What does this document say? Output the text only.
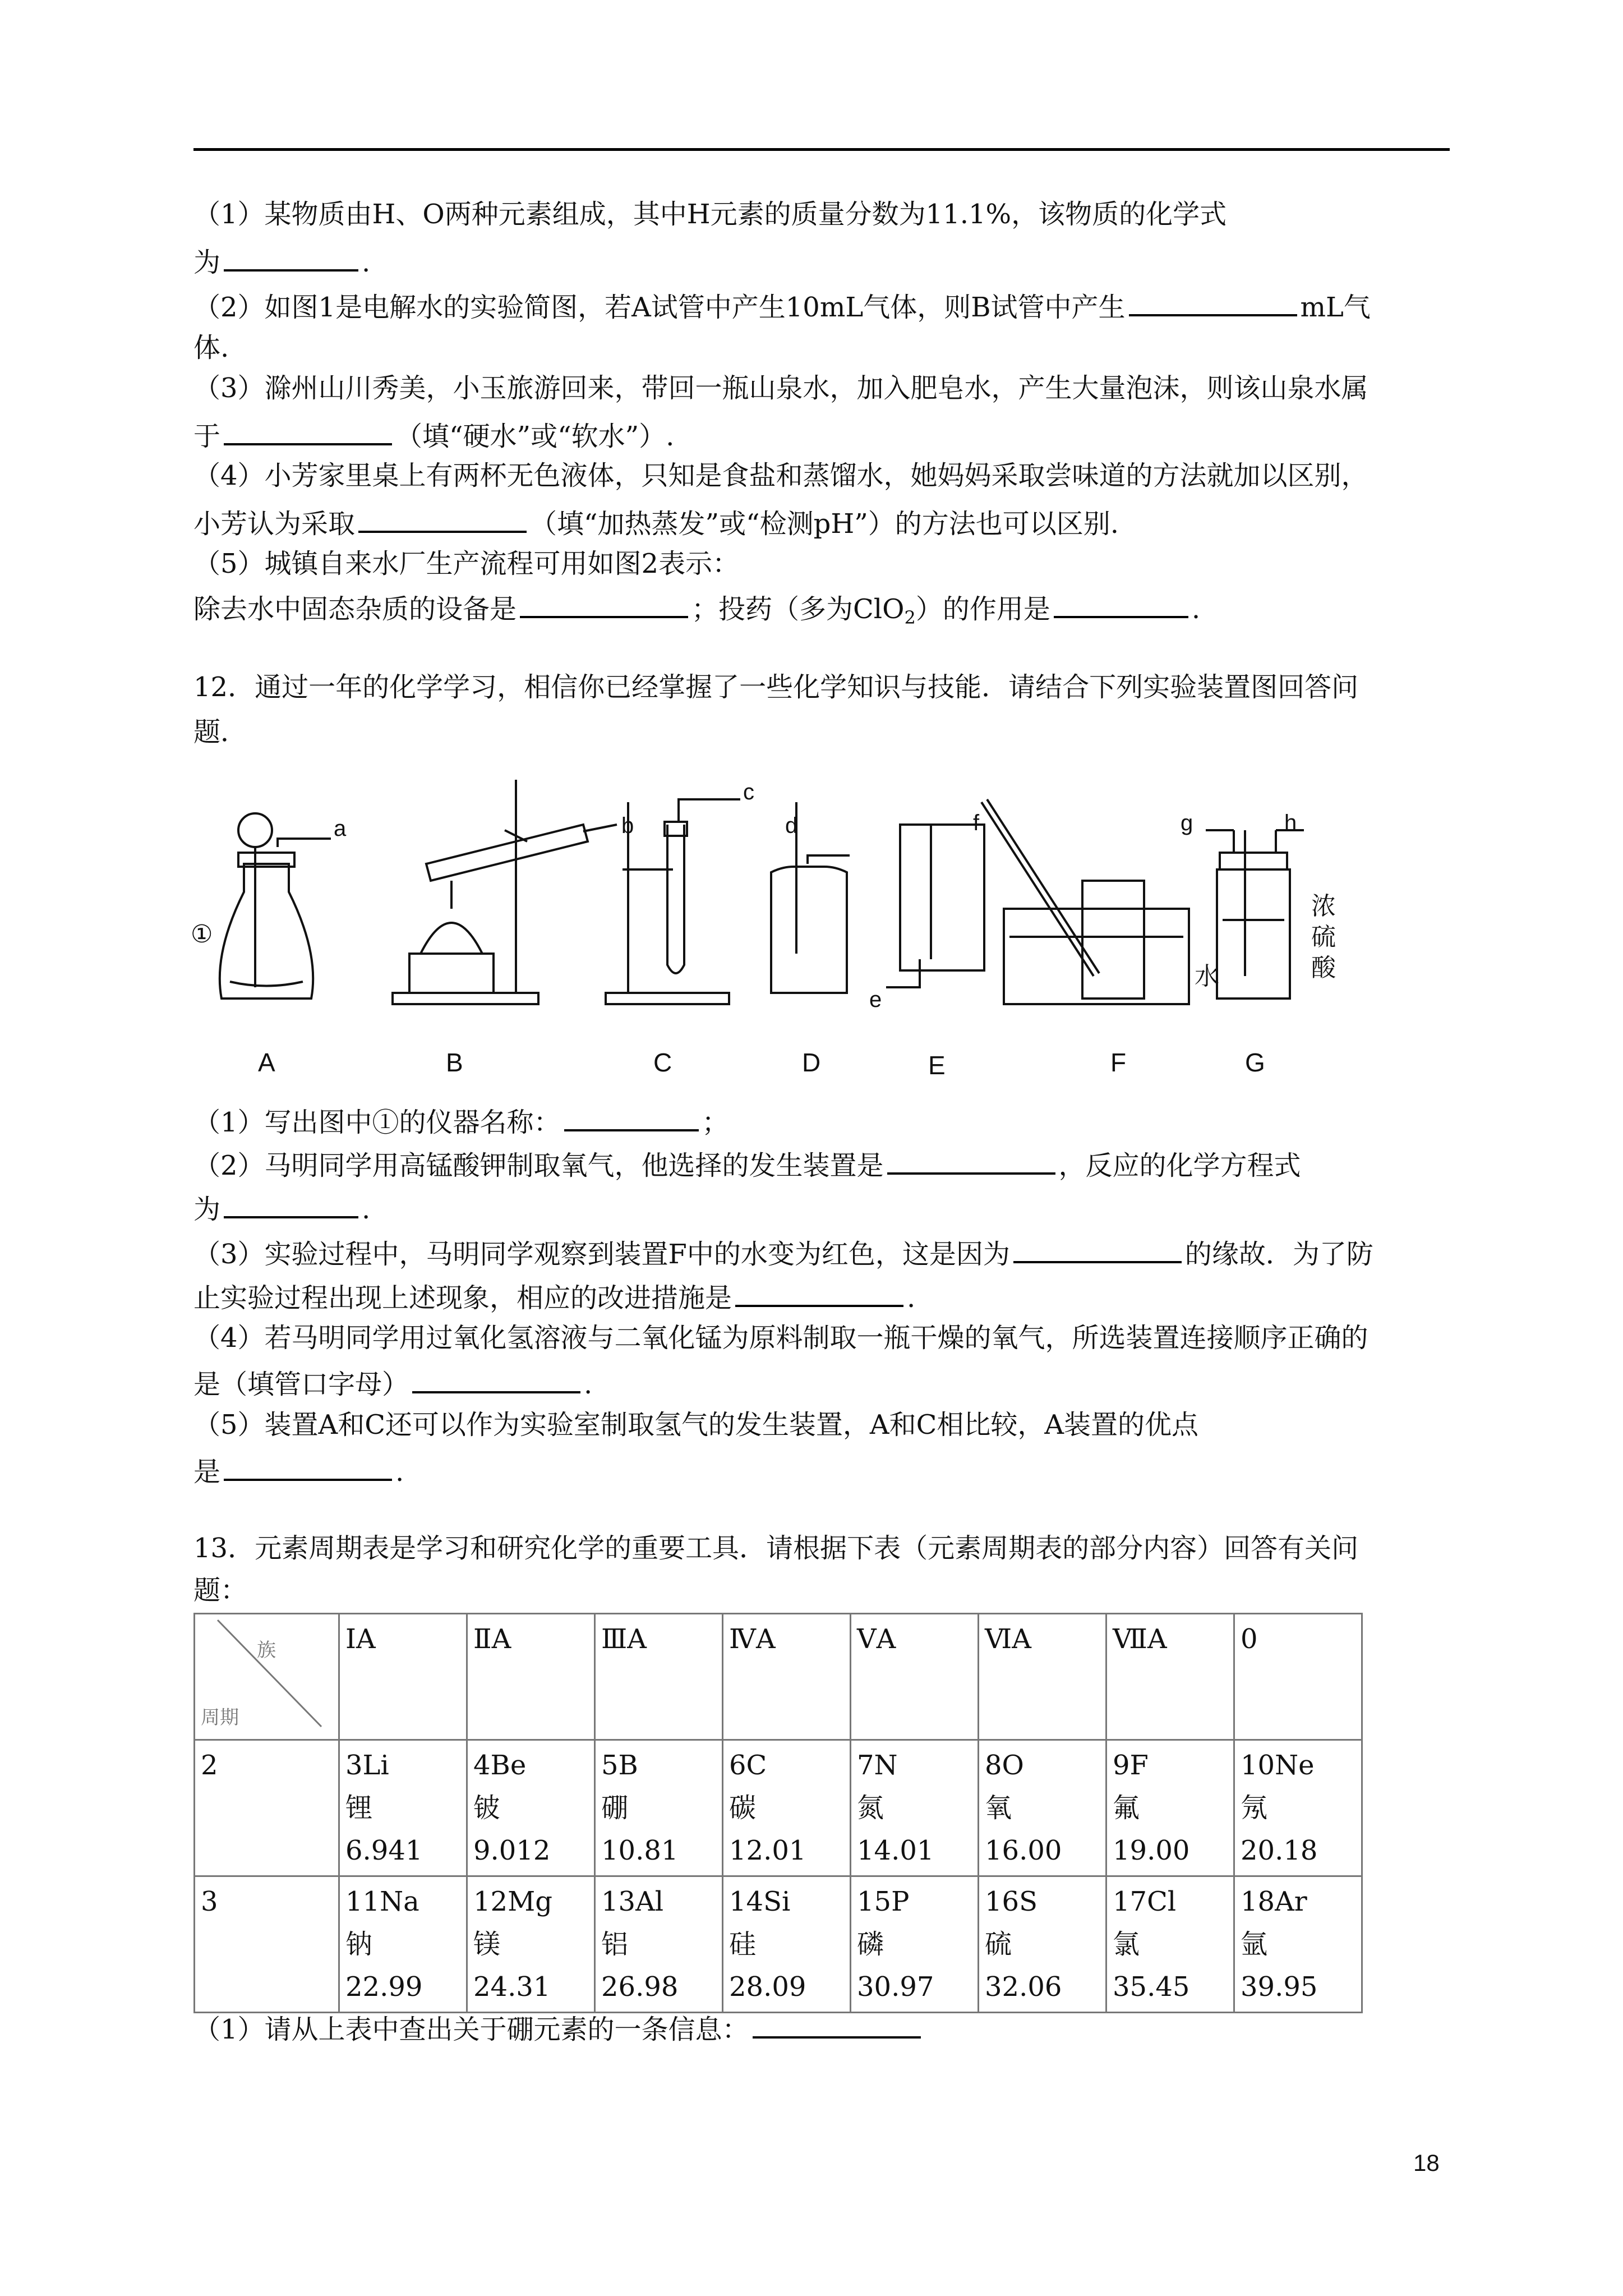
（1）某物质由H、O两种元素组成，其中H元素的质量分数为11.1%，该物质的化学式
为	.
（2）如图1是电解水的实验简图，若A试管中产生10mL气体，则B试管中产生	mL气
体.
（3）滁州山川秀美，小玉旅游回来，带回一瓶山泉水，加入肥皂水，产生大量泡沫，则该山泉水属
于	（填“硬水”或“软水”）.
（4）小芳家里桌上有两杯无色液体，只知是食盐和蒸馏水，她妈妈采取尝味道的方法就加以区别，
小芳认为采取	（填“加热蒸发”或“检测pH”）的方法也可以区别.
（5）城镇自来水厂生产流程可用如图2表示：
除去水中固态杂质的设备是	；投药（多为ClO$_2$）的作用是	.
12．通过一年的化学学习，相信你已经掌握了一些化学知识与技能．请结合下列实验装置图回答问
题．
a	b
c
d
e
f	g	h
①
水
浓
硫
酸
A	B	C	D	E	F	G
（1）写出图中①的仪器名称：	；
（2）马明同学用高锰酸钾制取氧气，他选择的发生装置是	，反应的化学方程式
为	.
（3）实验过程中，马明同学观察到装置F中的水变为红色，这是因为	的缘故．为了防
止实验过程出现上述现象，相应的改进措施是	.
（4）若马明同学用过氧化氢溶液与二氧化锰为原料制取一瓶干燥的氧气，所选装置连接顺序正确的
是（填管口字母）	.
（5）装置A和C还可以作为实验室制取氢气的发生装置，A和C相比较，A装置的优点
是	.
13．元素周期表是学习和研究化学的重要工具．请根据下表（元素周期表的部分内容）回答有关问
题：
族
周期	ⅠA	ⅡA	ⅢA	ⅣA	ⅤA	ⅥA	ⅦA	0
2	3Li
锂
6.941	4Be
铍
9.012	5B
硼
10.81	6C
碳
12.01	7N
氮
14.01	8O
氧
16.00	9F
氟
19.00	10Ne
氖
20.18

3	11Na
钠
22.99	12Mg
镁
24.31	13Al
铝
26.98	14Si
硅
28.09	15P
磷
30.97	16S
硫
32.06	17Cl
氯
35.45	18Ar
氩
39.95
（1）请从上表中查出关于硼元素的一条信息：
18
